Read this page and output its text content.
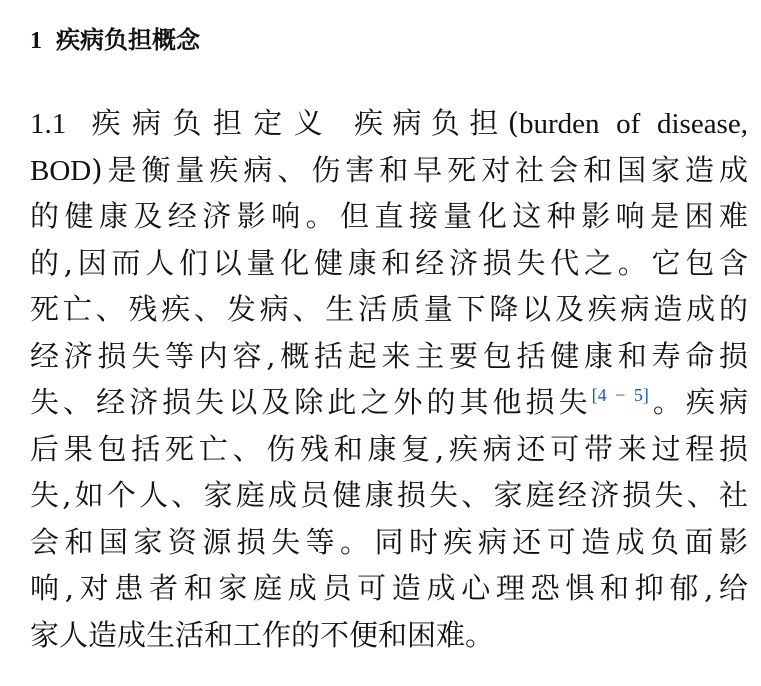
1 疾病负担概念
1.1 疾病负担定义 疾病负担(burden of disease,
BOD)是衡量疾病、伤害和早死对社会和国家造成
的健康及经济影响。但直接量化这种影响是困难
的,因而人们以量化健康和经济损失代之。它包含
死亡、残疾、发病、生活质量下降以及疾病造成的
经济损失等内容,概括起来主要包括健康和寿命损
失、经济损失以及除此之外的其他损失[4 − 5]。疾病
后果包括死亡、伤残和康复,疾病还可带来过程损
失,如个人、家庭成员健康损失、家庭经济损失、社
会和国家资源损失等。同时疾病还可造成负面影
响,对患者和家庭成员可造成心理恐惧和抑郁,给
家人造成生活和工作的不便和困难。
